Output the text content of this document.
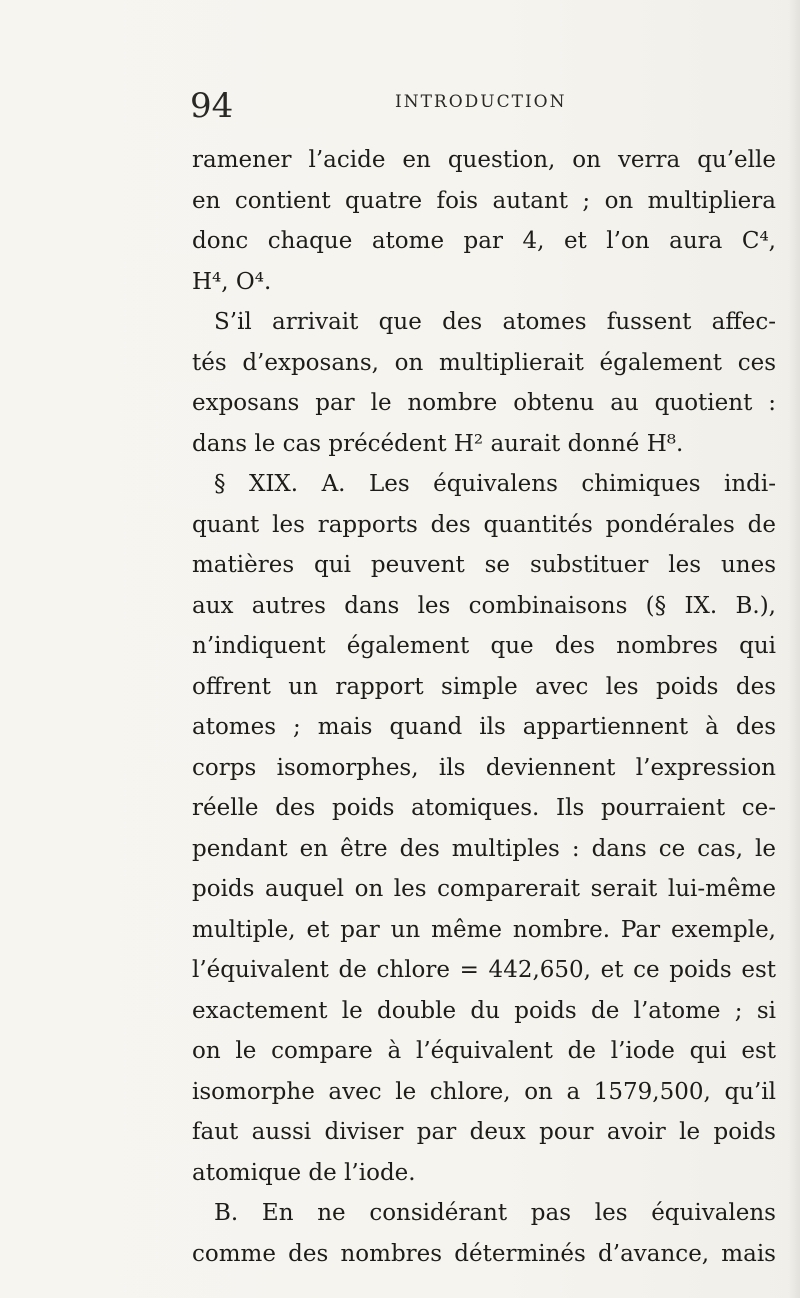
94	INTRODUCTION
ramener l’acide en question, on verra qu’elle
en contient quatre fois autant ; on multipliera
donc chaque atome par 4, et l’on aura C⁴,
H⁴, O⁴.
S’il arrivait que des atomes fussent affec-
tés d’exposans, on multiplierait également ces
exposans par le nombre obtenu au quotient :
dans le cas précédent H² aurait donné H⁸.
§ XIX. A. Les équivalens chimiques indi-
quant les rapports des quantités pondérales de
matières qui peuvent se substituer les unes
aux autres dans les combinaisons (§ IX. B.),
n’indiquent également que des nombres qui
offrent un rapport simple avec les poids des
atomes ; mais quand ils appartiennent à des
corps isomorphes, ils deviennent l’expression
réelle des poids atomiques. Ils pourraient ce-
pendant en être des multiples : dans ce cas, le
poids auquel on les comparerait serait lui-même
multiple, et par un même nombre. Par exemple,
l’équivalent de chlore = 442,650, et ce poids est
exactement le double du poids de l’atome ; si
on le compare à l’équivalent de l’iode qui est
isomorphe avec le chlore, on a 1579,500, qu’il
faut aussi diviser par deux pour avoir le poids
atomique de l’iode.
B. En ne considérant pas les équivalens
comme des nombres déterminés d’avance, mais
